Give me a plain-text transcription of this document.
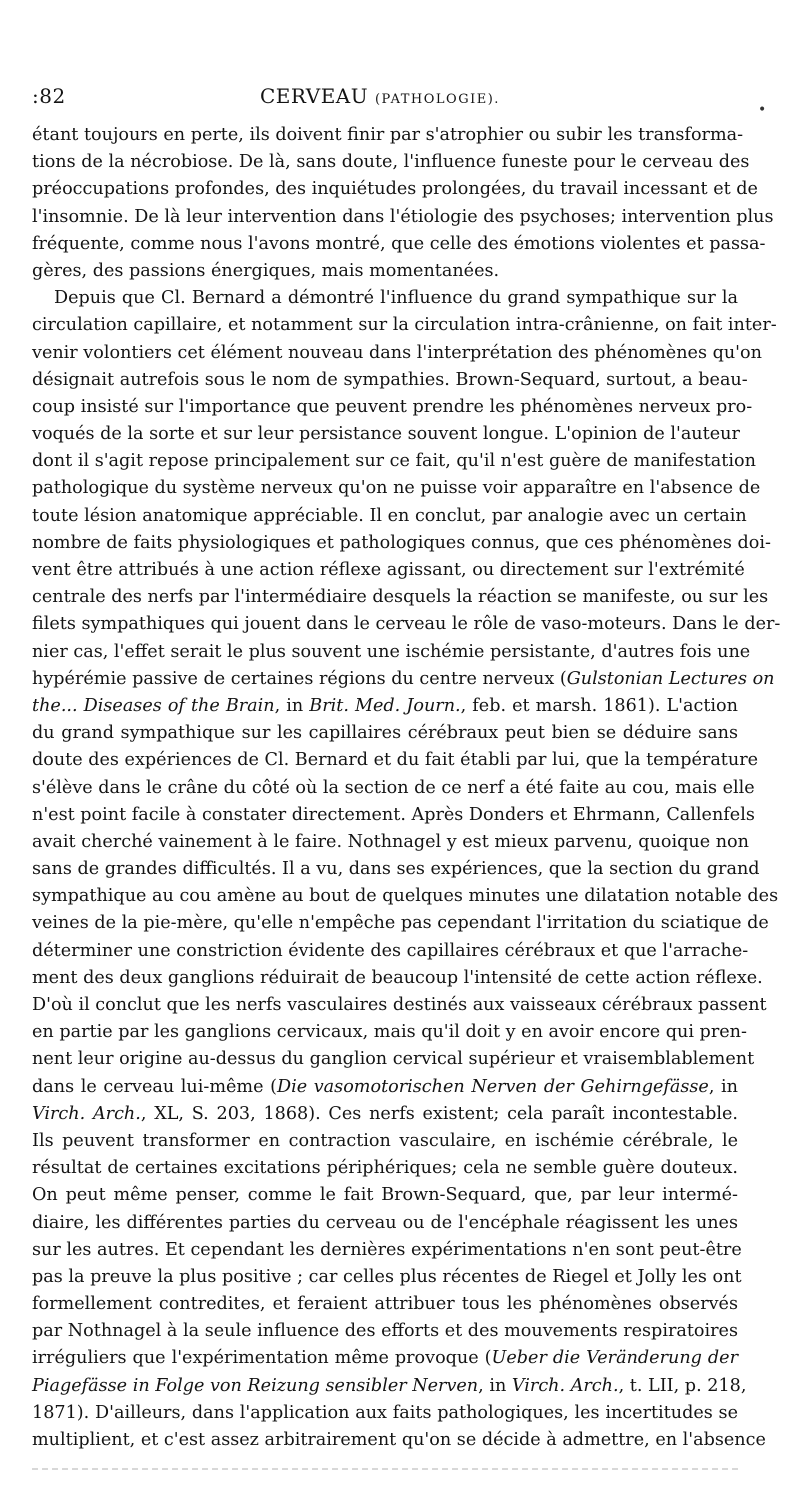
:82	CERVEAU (PATHOLOGIE).
•
étant toujours en perte, ils doivent finir par s'atrophier ou subir les transforma-
tions de la nécrobiose. De là, sans doute, l'influence funeste pour le cerveau des
préoccupations profondes, des inquiétudes prolongées, du travail incessant et de
l'insomnie. De là leur intervention dans l'étiologie des psychoses; intervention plus
fréquente, comme nous l'avons montré, que celle des émotions violentes et passa-
gères, des passions énergiques, mais momentanées.
Depuis que Cl. Bernard a démontré l'influence du grand sympathique sur la
circulation capillaire, et notamment sur la circulation intra-crânienne, on fait inter-
venir volontiers cet élément nouveau dans l'interprétation des phénomènes qu'on
désignait autrefois sous le nom de sympathies. Brown-Sequard, surtout, a beau-
coup insisté sur l'importance que peuvent prendre les phénomènes nerveux pro-
voqués de la sorte et sur leur persistance souvent longue. L'opinion de l'auteur
dont il s'agit repose principalement sur ce fait, qu'il n'est guère de manifestation
pathologique du système nerveux qu'on ne puisse voir apparaître en l'absence de
toute lésion anatomique appréciable. Il en conclut, par analogie avec un certain
nombre de faits physiologiques et pathologiques connus, que ces phénomènes doi-
vent être attribués à une action réflexe agissant, ou directement sur l'extrémité
centrale des nerfs par l'intermédiaire desquels la réaction se manifeste, ou sur les
filets sympathiques qui jouent dans le cerveau le rôle de vaso-moteurs. Dans le der-
nier cas, l'effet serait le plus souvent une ischémie persistante, d'autres fois une
hypérémie passive de certaines régions du centre nerveux (Gulstonian Lectures on
the... Diseases of the Brain, in Brit. Med. Journ., feb. et marsh. 1861). L'action
du grand sympathique sur les capillaires cérébraux peut bien se déduire sans
doute des expériences de Cl. Bernard et du fait établi par lui, que la température
s'élève dans le crâne du côté où la section de ce nerf a été faite au cou, mais elle
n'est point facile à constater directement. Après Donders et Ehrmann, Callenfels
avait cherché vainement à le faire. Nothnagel y est mieux parvenu, quoique non
sans de grandes difficultés. Il a vu, dans ses expériences, que la section du grand
sympathique au cou amène au bout de quelques minutes une dilatation notable des
veines de la pie-mère, qu'elle n'empêche pas cependant l'irritation du sciatique de
déterminer une constriction évidente des capillaires cérébraux et que l'arrache-
ment des deux ganglions réduirait de beaucoup l'intensité de cette action réflexe.
D'où il conclut que les nerfs vasculaires destinés aux vaisseaux cérébraux passent
en partie par les ganglions cervicaux, mais qu'il doit y en avoir encore qui pren-
nent leur origine au-dessus du ganglion cervical supérieur et vraisemblablement
dans le cerveau lui-même (Die vasomotorischen Nerven der Gehirngefässe, in
Virch. Arch., XL, S. 203, 1868). Ces nerfs existent; cela paraît incontestable.
Ils peuvent transformer en contraction vasculaire, en ischémie cérébrale, le
résultat de certaines excitations périphériques; cela ne semble guère douteux.
On peut même penser, comme le fait Brown-Sequard, que, par leur intermé-
diaire, les différentes parties du cerveau ou de l'encéphale réagissent les unes
sur les autres. Et cependant les dernières expérimentations n'en sont peut-être
pas la preuve la plus positive ; car celles plus récentes de Riegel et Jolly les ont
formellement contredites, et feraient attribuer tous les phénomènes observés
par Nothnagel à la seule influence des efforts et des mouvements respiratoires
irréguliers que l'expérimentation même provoque (Ueber die Veränderung der
Piagefässe in Folge von Reizung sensibler Nerven, in Virch. Arch., t. LII, p. 218,
1871). D'ailleurs, dans l'application aux faits pathologiques, les incertitudes se
multiplient, et c'est assez arbitrairement qu'on se décide à admettre, en l'absence
